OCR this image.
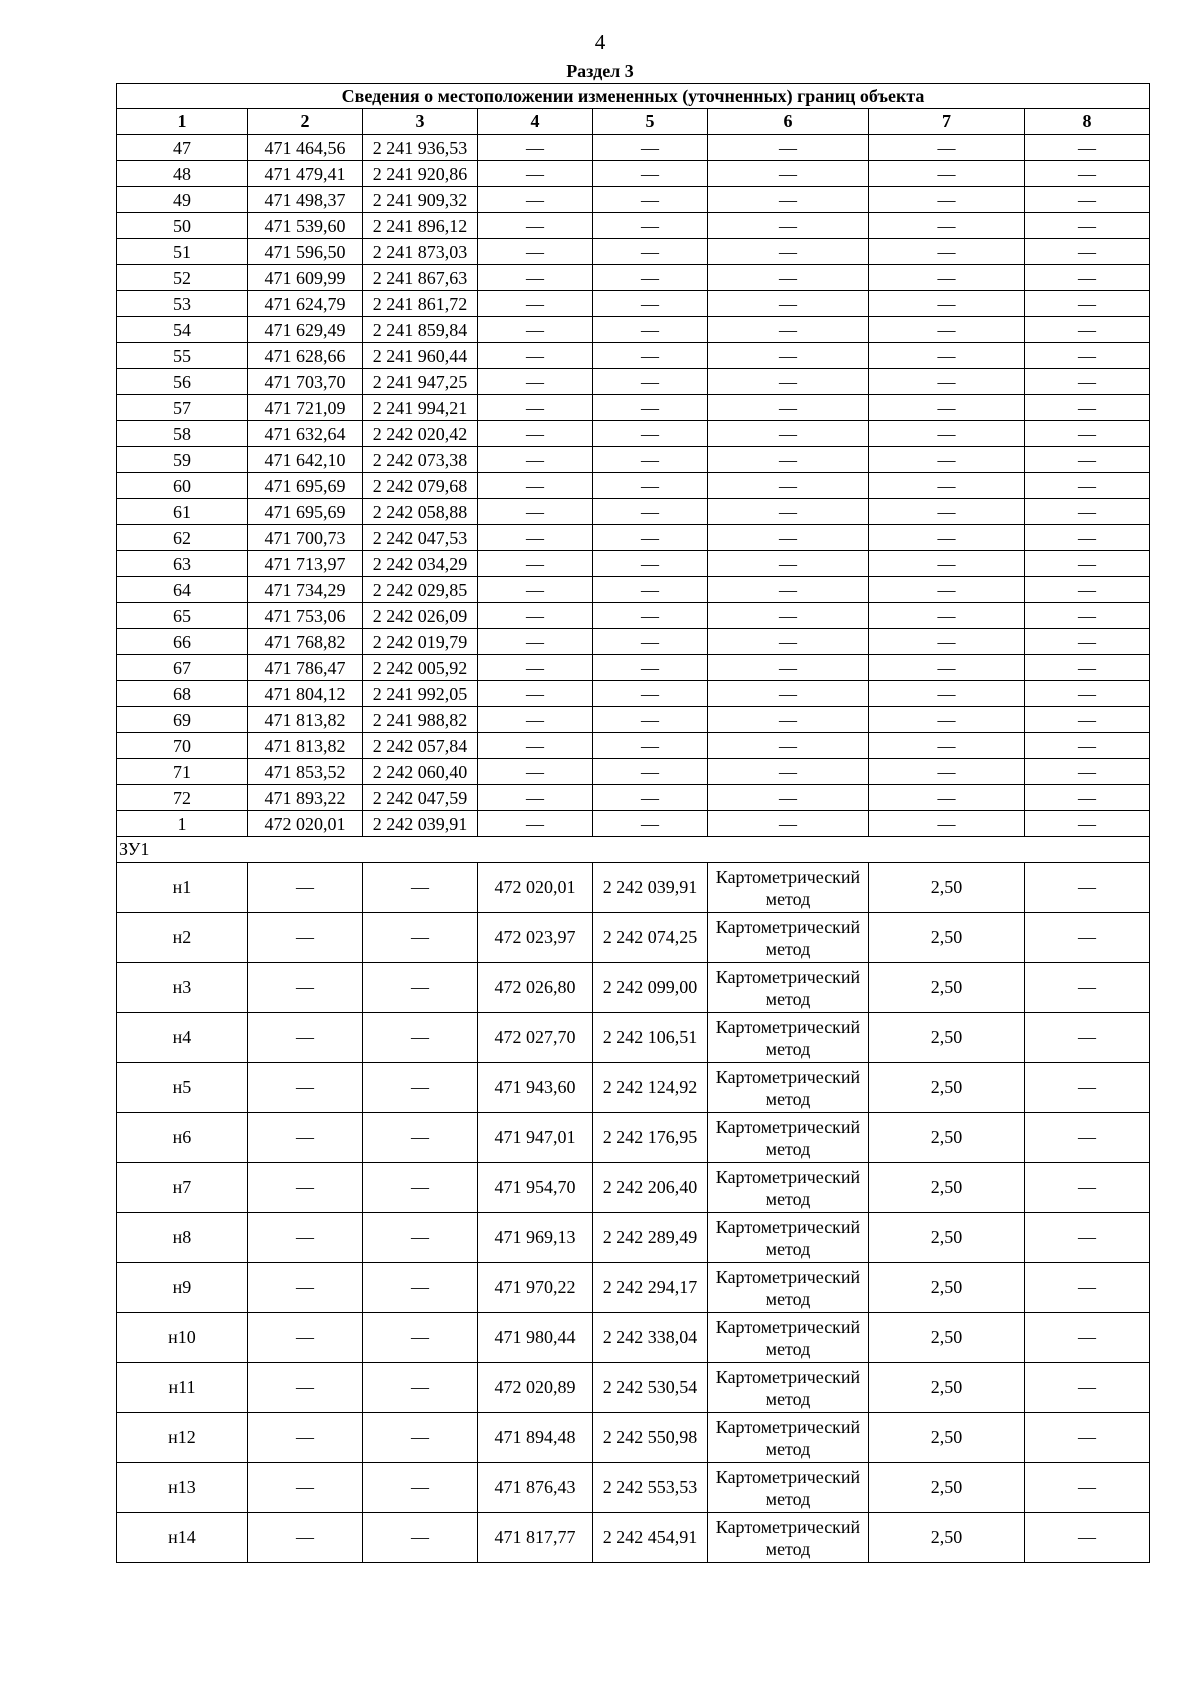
4
Раздел 3
Сведения о местоположении измененных (уточненных) границ объекта							
1	2	3	4	5	6	7	8
47	471 464,56	2 241 936,53	—	—	—	—	—
48	471 479,41	2 241 920,86	—	—	—	—	—
49	471 498,37	2 241 909,32	—	—	—	—	—
50	471 539,60	2 241 896,12	—	—	—	—	—
51	471 596,50	2 241 873,03	—	—	—	—	—
52	471 609,99	2 241 867,63	—	—	—	—	—
53	471 624,79	2 241 861,72	—	—	—	—	—
54	471 629,49	2 241 859,84	—	—	—	—	—
55	471 628,66	2 241 960,44	—	—	—	—	—
56	471 703,70	2 241 947,25	—	—	—	—	—
57	471 721,09	2 241 994,21	—	—	—	—	—
58	471 632,64	2 242 020,42	—	—	—	—	—
59	471 642,10	2 242 073,38	—	—	—	—	—
60	471 695,69	2 242 079,68	—	—	—	—	—
61	471 695,69	2 242 058,88	—	—	—	—	—
62	471 700,73	2 242 047,53	—	—	—	—	—
63	471 713,97	2 242 034,29	—	—	—	—	—
64	471 734,29	2 242 029,85	—	—	—	—	—
65	471 753,06	2 242 026,09	—	—	—	—	—
66	471 768,82	2 242 019,79	—	—	—	—	—
67	471 786,47	2 242 005,92	—	—	—	—	—
68	471 804,12	2 241 992,05	—	—	—	—	—
69	471 813,82	2 241 988,82	—	—	—	—	—
70	471 813,82	2 242 057,84	—	—	—	—	—
71	471 853,52	2 242 060,40	—	—	—	—	—
72	471 893,22	2 242 047,59	—	—	—	—	—
1	472 020,01	2 242 039,91	—	—	—	—	—
ЗУ1							
н1	—	—	472 020,01	2 242 039,91	Картометрический метод	2,50	—
н2	—	—	472 023,97	2 242 074,25	Картометрический метод	2,50	—
н3	—	—	472 026,80	2 242 099,00	Картометрический метод	2,50	—
н4	—	—	472 027,70	2 242 106,51	Картометрический метод	2,50	—
н5	—	—	471 943,60	2 242 124,92	Картометрический метод	2,50	—
н6	—	—	471 947,01	2 242 176,95	Картометрический метод	2,50	—
н7	—	—	471 954,70	2 242 206,40	Картометрический метод	2,50	—
н8	—	—	471 969,13	2 242 289,49	Картометрический метод	2,50	—
н9	—	—	471 970,22	2 242 294,17	Картометрический метод	2,50	—
н10	—	—	471 980,44	2 242 338,04	Картометрический метод	2,50	—
н11	—	—	472 020,89	2 242 530,54	Картометрический метод	2,50	—
н12	—	—	471 894,48	2 242 550,98	Картометрический метод	2,50	—
н13	—	—	471 876,43	2 242 553,53	Картометрический метод	2,50	—
н14	—	—	471 817,77	2 242 454,91	Картометрический метод	2,50	—
